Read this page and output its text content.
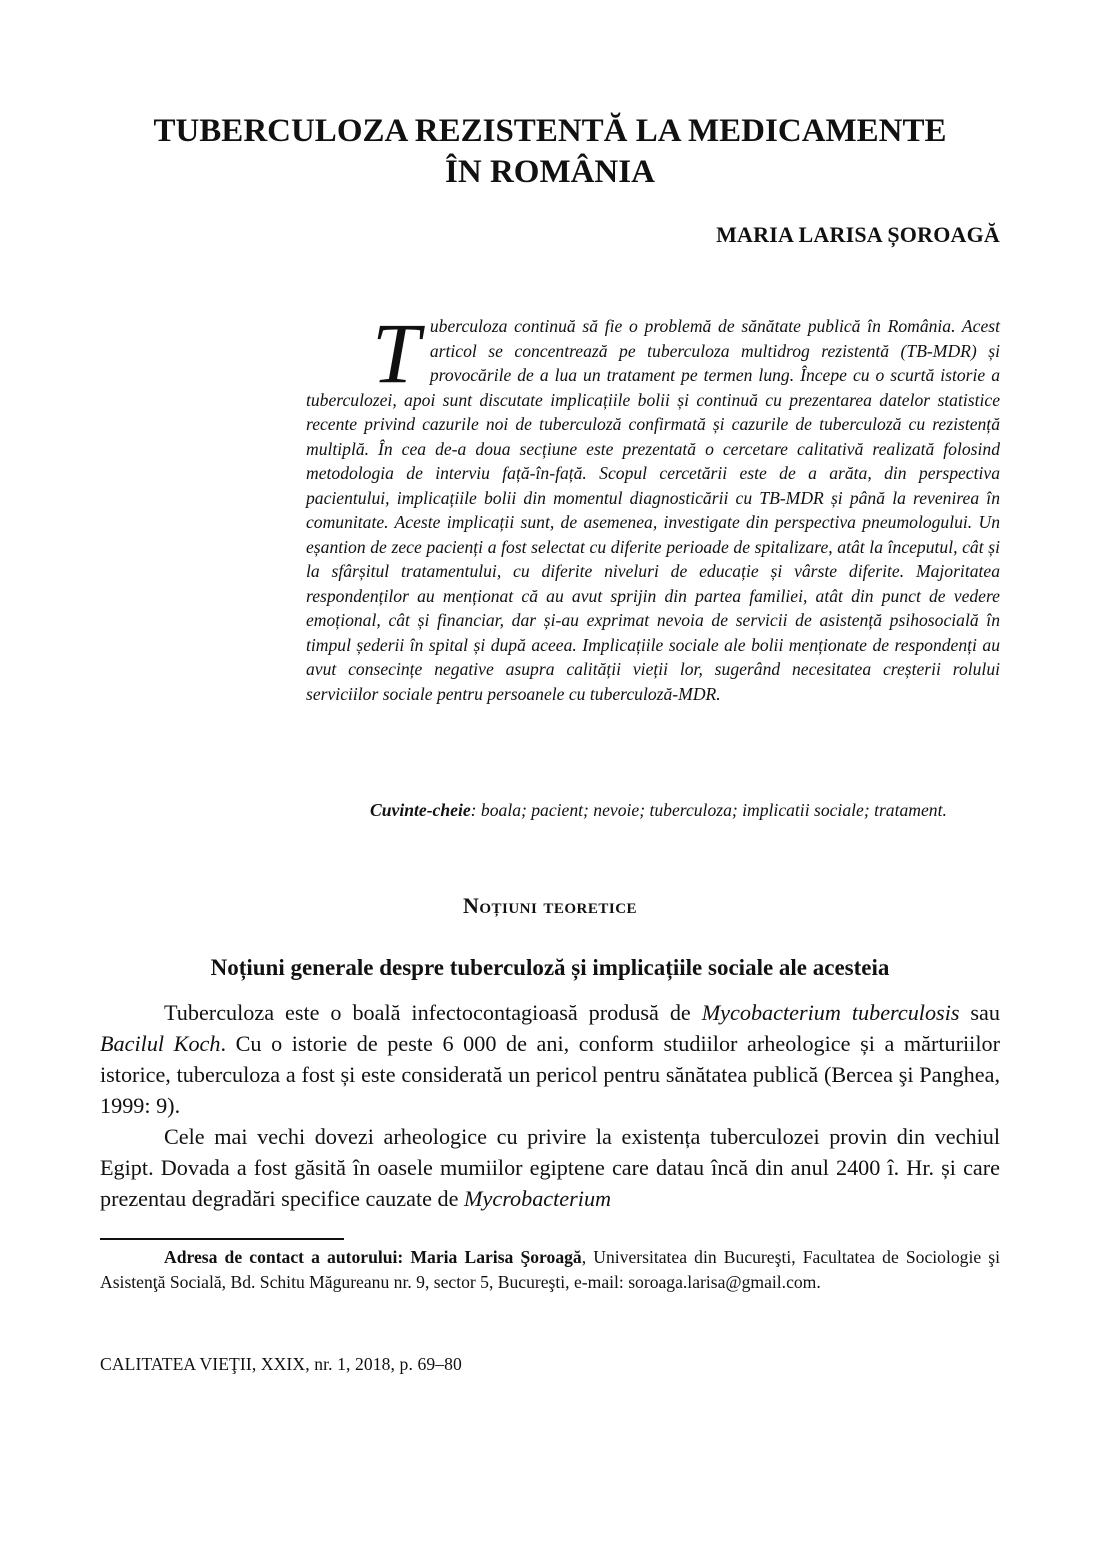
TUBERCULOZA REZISTENTĂ LA MEDICAMENTE
ÎN ROMÂNIA
MARIA LARISA ȘOROAGĂ

Tuberculoza continuă să fie o problemă de sănătate publică în România. Acest articol se concentrează pe tuberculoza multidrog rezistentă (TB-MDR) și provocările de a lua un tratament pe termen lung. Începe cu o scurtă istorie a tuberculozei, apoi sunt discutate implicațiile bolii și continuă cu prezentarea datelor statistice recente privind cazurile noi de tuberculoză confirmată și cazurile de tuberculoză cu rezistență multiplă. În cea de-a doua secțiune este prezentată o cercetare calitativă realizată folosind metodologia de interviu față-în-față. Scopul cercetării este de a arăta, din perspectiva pacientului, implicațiile bolii din momentul diagnosticării cu TB-MDR și până la revenirea în comunitate. Aceste implicații sunt, de asemenea, investigate din perspectiva pneumologului. Un eșantion de zece pacienți a fost selectat cu diferite perioade de spitalizare, atât la începutul, cât și la sfârșitul tratamentului, cu diferite niveluri de educație și vârste diferite. Majoritatea respondenților au menționat că au avut sprijin din partea familiei, atât din punct de vedere emoțional, cât și financiar, dar și-au exprimat nevoia de servicii de asistență psihosocială în timpul șederii în spital și după aceea. Implicațiile sociale ale bolii menționate de respondenți au avut consecințe negative asupra calității vieții lor, sugerând necesitatea creșterii rolului serviciilor sociale pentru persoanele cu tuberculoză-MDR.

Cuvinte-cheie: boala; pacient; nevoie; tuberculoza; implicatii sociale; tratament.

Noțiuni teoretice
Noțiuni generale despre tuberculoză și implicațiile sociale ale acesteia

Tuberculoza este o boală infectocontagioasă produsă de Mycobacterium tuberculosis sau Bacilul Koch. Cu o istorie de peste 6 000 de ani, conform studiilor arheologice și a mărturiilor istorice, tuberculoza a fost și este considerată un pericol pentru sănătatea publică (Bercea şi Panghea, 1999: 9).

Cele mai vechi dovezi arheologice cu privire la existența tuberculozei provin din vechiul Egipt. Dovada a fost găsită în oasele mumiilor egiptene care datau încă din anul 2400 î. Hr. și care prezentau degradări specifice cauzate de Mycrobacterium

Adresa de contact a autorului: Maria Larisa Şoroagă, Universitatea din Bucureşti, Facultatea de Sociologie şi Asistenţă Socială, Bd. Schitu Măgureanu nr. 9, sector 5, Bucureşti, e-mail: soroaga.larisa@gmail.com.

CALITATEA VIEŢII, XXIX, nr. 1, 2018, p. 69–80
